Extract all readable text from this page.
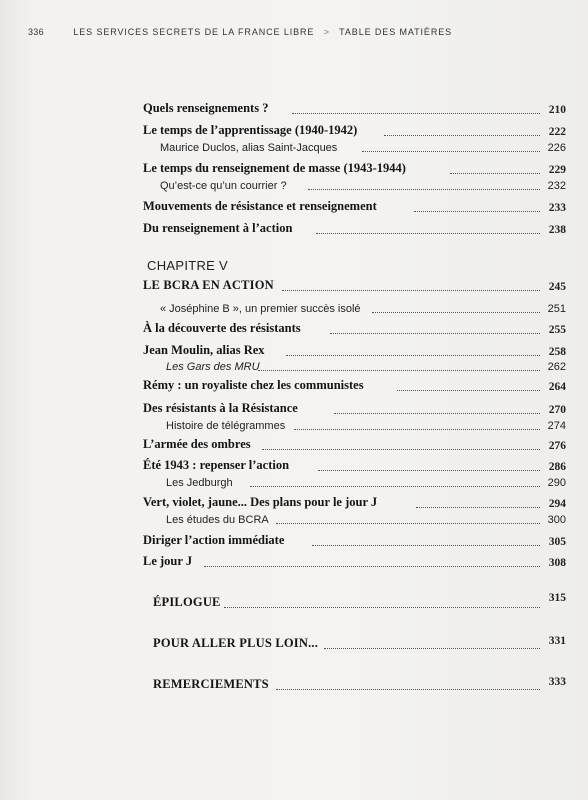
336	LES SERVICES SECRETS DE LA FRANCE LIBRE > TABLE DES MATIÈRES
Quels renseignements ?	210
Le temps de l’apprentissage (1940-1942)	222
Maurice Duclos, alias Saint-Jacques	226
Le temps du renseignement de masse (1943-1944)	229
Qu’est-ce qu’un courrier ?	232
Mouvements de résistance et renseignement	233
Du renseignement à l’action	238
CHAPITRE V
LE BCRA EN ACTION	245
« Joséphine B », un premier succès isolé	251
À la découverte des résistants	255
Jean Moulin, alias Rex	258
Les Gars des MRU	262
Rémy : un royaliste chez les communistes	264
Des résistants à la Résistance	270
Histoire de télégrammes	274
L’armée des ombres	276
Été 1943 : repenser l’action	286
Les Jedburgh	290
Vert, violet, jaune... Des plans pour le jour J	294
Les études du BCRA	300
Diriger l’action immédiate	305
Le jour J	308
ÉPILOGUE	315
POUR ALLER PLUS LOIN...	331
REMERCIEMENTS	333
